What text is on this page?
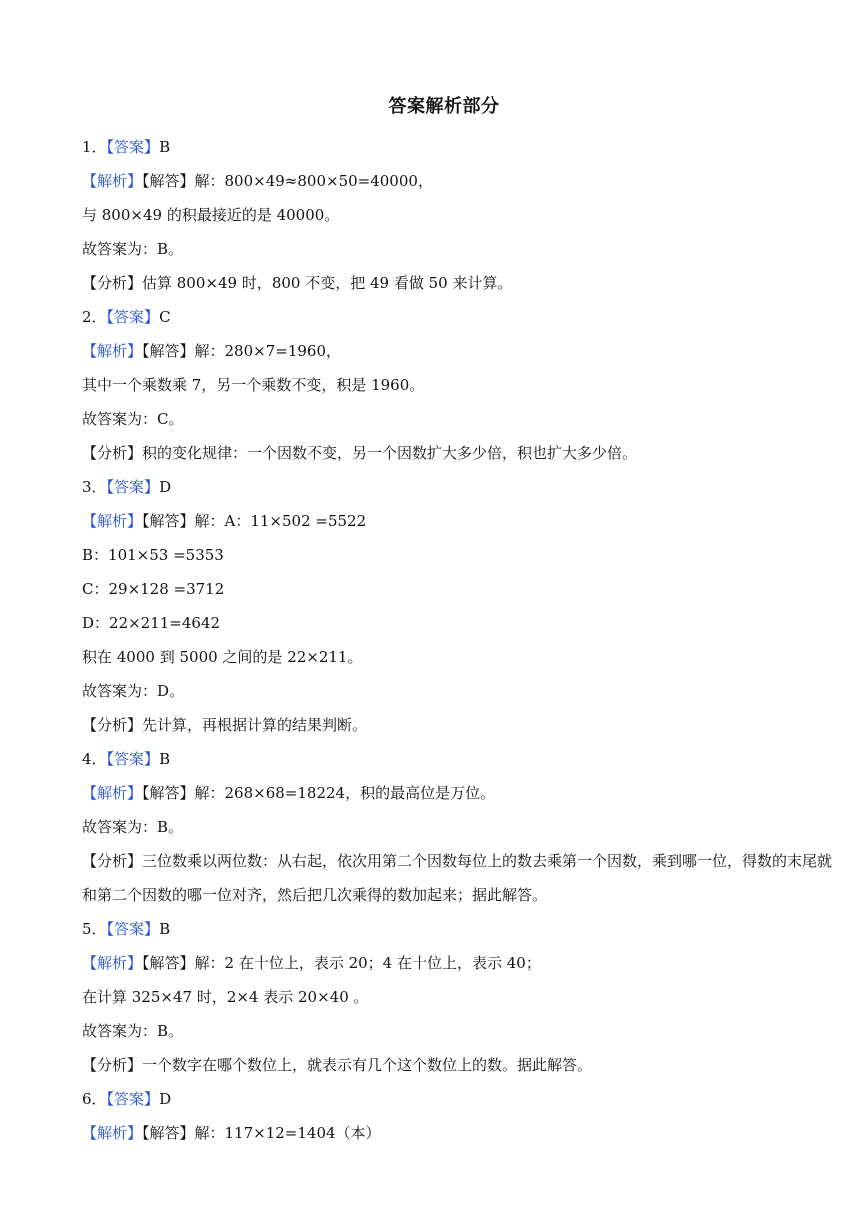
答案解析部分
1．【答案】B
【解析】【解答】解：800×49≈800×50=40000，
与 800×49 的积最接近的是 40000。
故答案为：B。
【分析】估算 800×49 时，800 不变，把 49 看做 50 来计算。
2．【答案】C
【解析】【解答】解：280×7=1960，
其中一个乘数乘 7，另一个乘数不变，积是 1960。
故答案为：C。
【分析】积的变化规律：一个因数不变，另一个因数扩大多少倍，积也扩大多少倍。
3．【答案】D
【解析】【解答】解：A：11×502 =5522
B：101×53 =5353
C：29×128 =3712
D：22×211=4642
积在 4000 到 5000 之间的是 22×211。
故答案为：D。
【分析】先计算，再根据计算的结果判断。
4．【答案】B
【解析】【解答】解：268×68=18224，积的最高位是万位。
故答案为：B。
【分析】三位数乘以两位数：从右起，依次用第二个因数每位上的数去乘第一个因数，乘到哪一位，得数的末尾就和第二个因数的哪一位对齐，然后把几次乘得的数加起来；据此解答。
5．【答案】B
【解析】【解答】解：2 在十位上，表示 20；4 在十位上，表示 40；
在计算 325×47 时，2×4 表示 20×40 。
故答案为：B。
【分析】一个数字在哪个数位上，就表示有几个这个数位上的数。据此解答。
6．【答案】D
【解析】【解答】解：117×12=1404（本）
